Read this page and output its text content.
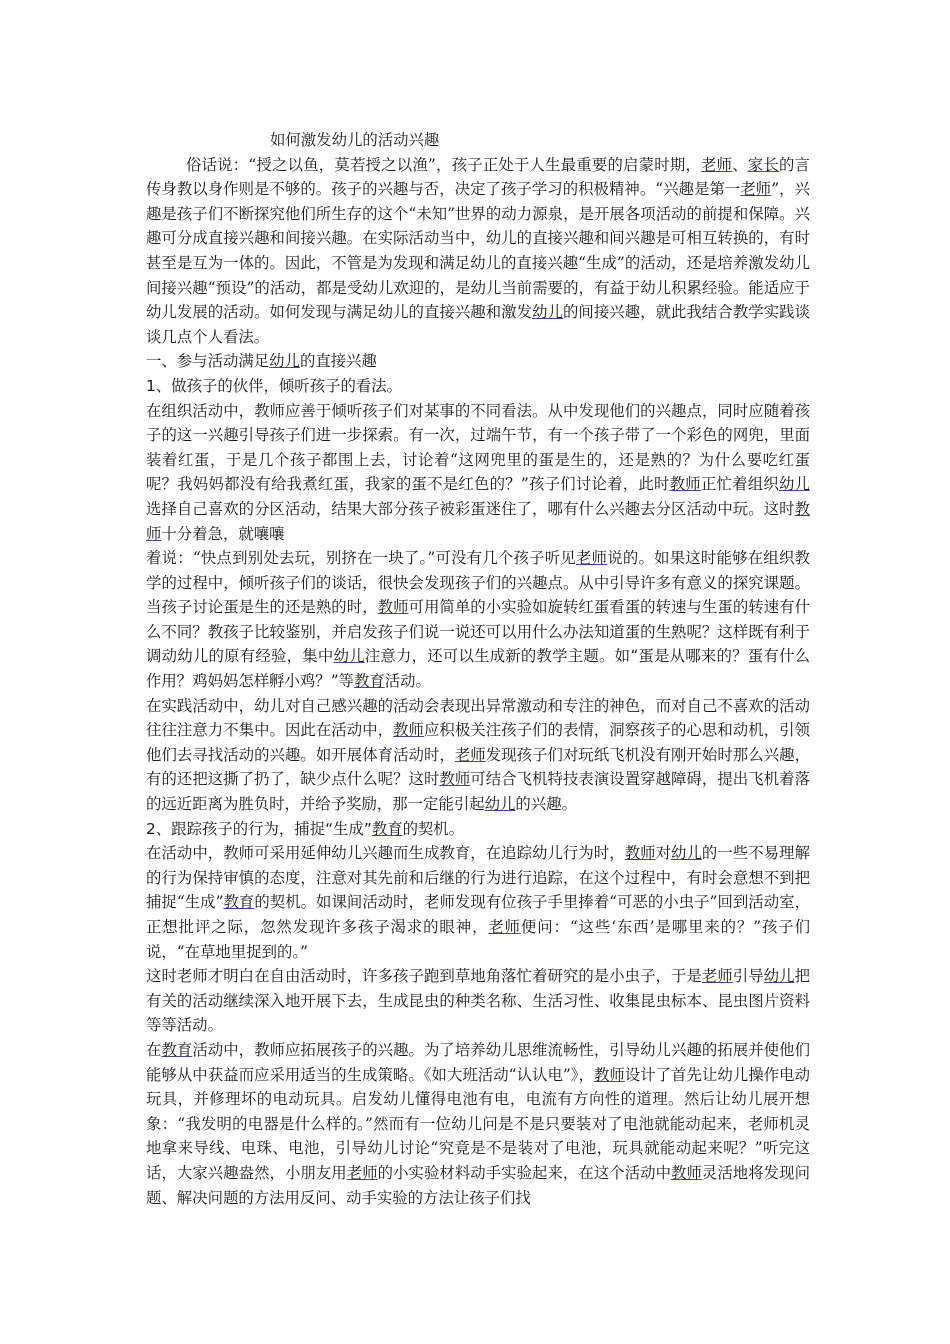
如何激发幼儿的活动兴趣

俗话说：“授之以鱼，莫若授之以渔”，孩子正处于人生最重要的启蒙时期，老师、家长的言传身教以身作则是不够的。孩子的兴趣与否，决定了孩子学习的积极精神。“兴趣是第一老师”，兴趣是孩子们不断探究他们所生存的这个“未知”世界的动力源泉，是开展各项活动的前提和保障。兴趣可分成直接兴趣和间接兴趣。在实际活动当中，幼儿的直接兴趣和间兴趣是可相互转换的，有时甚至是互为一体的。因此，不管是为发现和满足幼儿的直接兴趣“生成”的活动，还是培养激发幼儿间接兴趣“预设”的活动，都是受幼儿欢迎的，是幼儿当前需要的，有益于幼儿积累经验。能适应于幼儿发展的活动。如何发现与满足幼儿的直接兴趣和激发幼儿的间接兴趣，就此我结合教学实践谈谈几点个人看法。

一、参与活动满足幼儿的直接兴趣

1、做孩子的伙伴，倾听孩子的看法。

在组织活动中，教师应善于倾听孩子们对某事的不同看法。从中发现他们的兴趣点，同时应随着孩子的这一兴趣引导孩子们进一步探索。有一次，过端午节，有一个孩子带了一个彩色的网兜，里面装着红蛋，于是几个孩子都围上去，讨论着“这网兜里的蛋是生的，还是熟的？为什么要吃红蛋呢？我妈妈都没有给我煮红蛋，我家的蛋不是红色的？”孩子们讨论着，此时教师正忙着组织幼儿选择自己喜欢的分区活动，结果大部分孩子被彩蛋迷住了，哪有什么兴趣去分区活动中玩。这时教师十分着急，就嚷嚷

着说：“快点到别处去玩，别挤在一块了。”可没有几个孩子听见老师说的。如果这时能够在组织教学的过程中，倾听孩子们的谈话，很快会发现孩子们的兴趣点。从中引导许多有意义的探究课题。当孩子讨论蛋是生的还是熟的时，教师可用简单的小实验如旋转红蛋看蛋的转速与生蛋的转速有什么不同？教孩子比较鉴别，并启发孩子们说一说还可以用什么办法知道蛋的生熟呢？这样既有利于调动幼儿的原有经验，集中幼儿注意力，还可以生成新的教学主题。如“蛋是从哪来的？蛋有什么作用？鸡妈妈怎样孵小鸡？”等教育活动。

在实践活动中，幼儿对自己感兴趣的活动会表现出异常激动和专注的神色，而对自己不喜欢的活动往往注意力不集中。因此在活动中，教师应积极关注孩子们的表情，洞察孩子的心思和动机，引领他们去寻找活动的兴趣。如开展体育活动时，老师发现孩子们对玩纸飞机没有刚开始时那么兴趣，有的还把这撕了扔了，缺少点什么呢？这时教师可结合飞机特技表演设置穿越障碍，提出飞机着落的远近距离为胜负时，并给予奖励，那一定能引起幼儿的兴趣。

2、跟踪孩子的行为，捕捉“生成”教育的契机。

在活动中，教师可采用延伸幼儿兴趣而生成教育，在追踪幼儿行为时，教师对幼儿的一些不易理解的行为保持审慎的态度，注意对其先前和后继的行为进行追踪，在这个过程中，有时会意想不到把捕捉“生成”教育的契机。如课间活动时，老师发现有位孩子手里捧着“可恶的小虫子”回到活动室，正想批评之际，忽然发现许多孩子渴求的眼神，老师便问：“这些‘东西’是哪里来的？”孩子们说，“在草地里捉到的。”

这时老师才明白在自由活动时，许多孩子跑到草地角落忙着研究的是小虫子，于是老师引导幼儿把有关的活动继续深入地开展下去，生成昆虫的种类名称、生活习性、收集昆虫标本、昆虫图片资料等等活动。

在教育活动中，教师应拓展孩子的兴趣。为了培养幼儿思维流畅性，引导幼儿兴趣的拓展并使他们能够从中获益而应采用适当的生成策略。《如大班活动“认认电”》，教师设计了首先让幼儿操作电动玩具，并修理坏的电动玩具。启发幼儿懂得电池有电，电流有方向性的道理。然后让幼儿展开想象：“我发明的电器是什么样的。”然而有一位幼儿问是不是只要装对了电池就能动起来，老师机灵地拿来导线、电珠、电池，引导幼儿讨论“究竟是不是装对了电池，玩具就能动起来呢？”听完这话，大家兴趣盎然，小朋友用老师的小实验材料动手实验起来，在这个活动中教师灵活地将发现问题、解决问题的方法用反问、动手实验的方法让孩子们找
